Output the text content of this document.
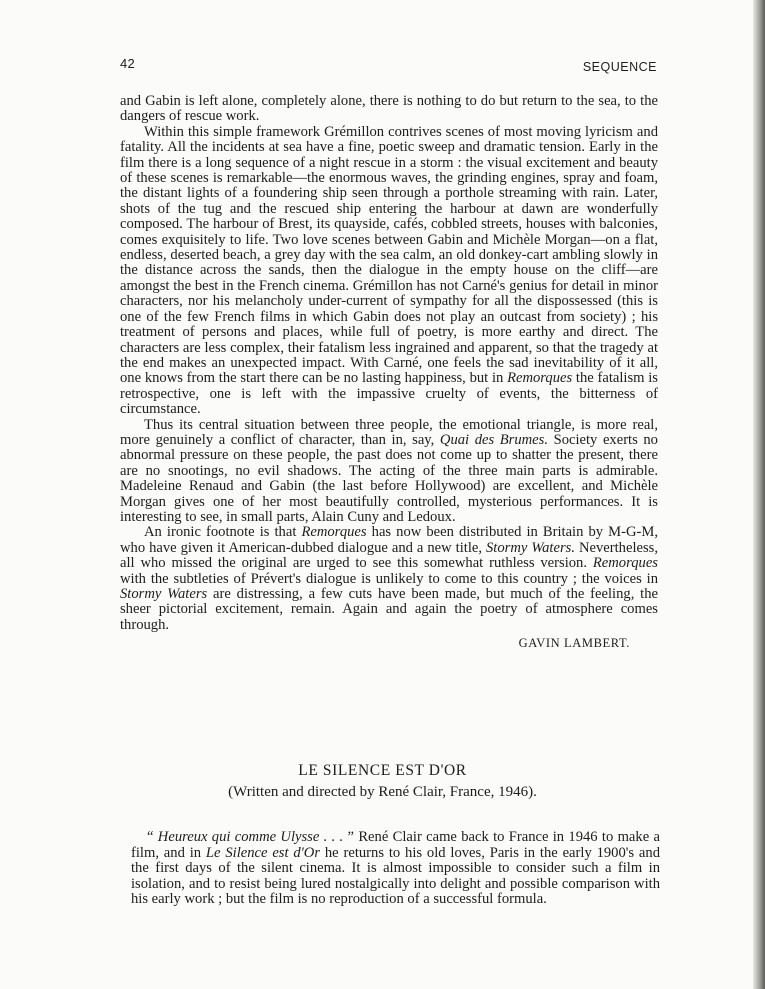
42	SEQUENCE

and Gabin is left alone, completely alone, there is nothing to do but return to the sea, to the dangers of rescue work.

Within this simple framework Grémillon contrives scenes of most moving lyricism and fatality. All the incidents at sea have a fine, poetic sweep and dramatic tension. Early in the film there is a long sequence of a night rescue in a storm : the visual excitement and beauty of these scenes is remarkable—the enormous waves, the grinding engines, spray and foam, the distant lights of a foundering ship seen through a porthole streaming with rain. Later, shots of the tug and the rescued ship entering the harbour at dawn are wonderfully composed. The harbour of Brest, its quayside, cafés, cobbled streets, houses with balconies, comes exquisitely to life. Two love scenes between Gabin and Michèle Morgan—on a flat, endless, deserted beach, a grey day with the sea calm, an old donkey-cart ambling slowly in the distance across the sands, then the dialogue in the empty house on the cliff—are amongst the best in the French cinema. Grémillon has not Carné's genius for detail in minor characters, nor his melancholy under-current of sympathy for all the dispossessed (this is one of the few French films in which Gabin does not play an outcast from society) ; his treatment of persons and places, while full of poetry, is more earthy and direct. The characters are less complex, their fatalism less ingrained and apparent, so that the tragedy at the end makes an unexpected impact. With Carné, one feels the sad inevitability of it all, one knows from the start there can be no lasting happiness, but in Remorques the fatalism is retrospective, one is left with the impassive cruelty of events, the bitterness of circumstance.

Thus its central situation between three people, the emotional triangle, is more real, more genuinely a conflict of character, than in, say, Quai des Brumes. Society exerts no abnormal pressure on these people, the past does not come up to shatter the present, there are no snootings, no evil shadows. The acting of the three main parts is admirable. Madeleine Renaud and Gabin (the last before Hollywood) are excellent, and Michèle Morgan gives one of her most beautifully controlled, mysterious performances. It is interesting to see, in small parts, Alain Cuny and Ledoux.

An ironic footnote is that Remorques has now been distributed in Britain by M-G-M, who have given it American-dubbed dialogue and a new title, Stormy Waters. Nevertheless, all who missed the original are urged to see this somewhat ruthless version. Remorques with the subtleties of Prévert's dialogue is unlikely to come to this country ; the voices in Stormy Waters are distressing, a few cuts have been made, but much of the feeling, the sheer pictorial excitement, remain. Again and again the poetry of atmosphere comes through.

GAVIN LAMBERT.
LE SILENCE EST D'OR
(Written and directed by René Clair, France, 1946).

“ Heureux qui comme Ulysse . . . ” René Clair came back to France in 1946 to make a film, and in Le Silence est d'Or he returns to his old loves, Paris in the early 1900's and the first days of the silent cinema. It is almost impossible to consider such a film in isolation, and to resist being lured nostalgically into delight and possible comparison with his early work ; but the film is no reproduction of a successful formula.
